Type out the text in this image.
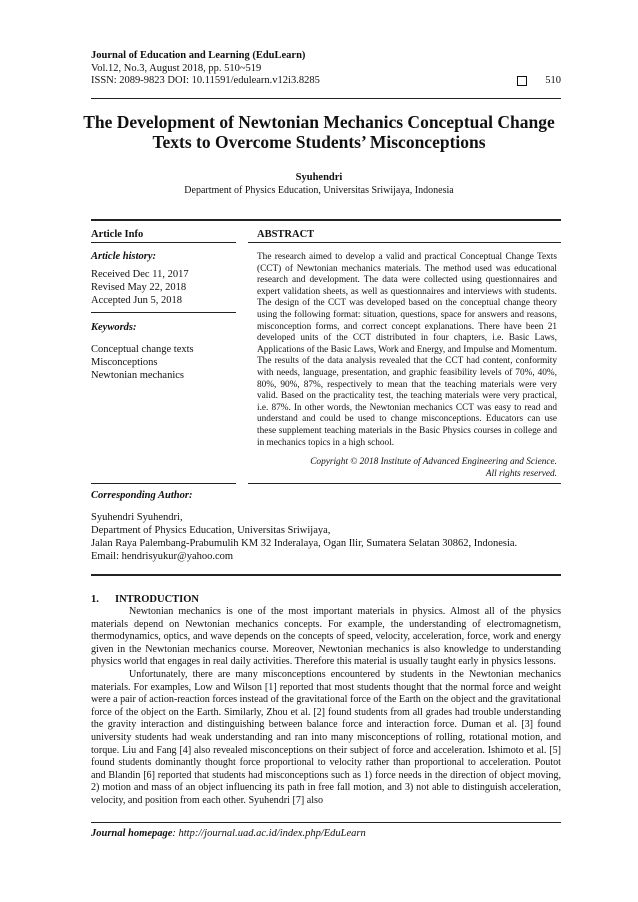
Journal of Education and Learning (EduLearn)
Vol.12, No.3, August 2018, pp. 510~519
ISSN: 2089-9823 DOI: 10.11591/edulearn.v12i3.8285	510
The Development of Newtonian Mechanics Conceptual Change
Texts to Overcome Students’ Misconceptions
Syuhendri
Department of Physics Education, Universitas Sriwijaya, Indonesia
Article Info	ABSTRACT
Article history:
Received Dec 11, 2017
Revised May 22, 2018
Accepted Jun 5, 2018
Keywords:
Conceptual change texts
Misconceptions
Newtonian mechanics
The research aimed to develop a valid and practical Conceptual Change Texts (CCT) of Newtonian mechanics materials. The method used was educational research and development. The data were collected using questionnaires and expert validation sheets, as well as questionnaires and interviews with students. The design of the CCT was developed based on the conceptual change theory using the following format: situation, questions, space for answers and reasons, misconception forms, and correct concept explanations. There have been 21 developed units of the CCT distributed in four chapters, i.e. Basic Laws, Applications of the Basic Laws, Work and Energy, and Impulse and Momentum. The results of the data analysis revealed that the CCT had content, conformity with needs, language, presentation, and graphic feasibility levels of 70%, 40%, 80%, 90%, 87%, respectively to mean that the teaching materials were very valid. Based on the practicality test, the teaching materials were very practical, i.e. 87%. In other words, the Newtonian mechanics CCT was easy to read and understand and could be used to change misconceptions. Educators can use these supplement teaching materials in the Basic Physics courses in college and in mechanics topics in a high school.
Copyright © 2018 Institute of Advanced Engineering and Science.
All rights reserved.
Corresponding Author:
Syuhendri Syuhendri,
Department of Physics Education, Universitas Sriwijaya,
Jalan Raya Palembang-Prabumulih KM 32 Inderalaya, Ogan Ilir, Sumatera Selatan 30862, Indonesia.
Email: hendrisyukur@yahoo.com
1. INTRODUCTION

Newtonian mechanics is one of the most important materials in physics. Almost all of the physics materials depend on Newtonian mechanics concepts. For example, the understanding of electromagnetism, thermodynamics, optics, and wave depends on the concepts of speed, velocity, acceleration, force, work and energy given in the Newtonian mechanics course. Moreover, Newtonian mechanics is also knowledge to understanding physics world that engages in real daily activities. Therefore this material is usually taught early in physics lessons.

Unfortunately, there are many misconceptions encountered by students in the Newtonian mechanics materials. For examples, Low and Wilson [1] reported that most students thought that the normal force and weight were a pair of action-reaction forces instead of the gravitational force of the Earth on the object and the gravitational force of the object on the Earth. Similarly, Zhou et al. [2] found students from all grades had trouble understanding the gravity interaction and distinguishing between balance force and interaction force. Duman et al. [3] found university students had weak understanding and ran into many misconceptions of rolling, rotational motion, and torque. Liu and Fang [4] also revealed misconceptions on their subject of force and acceleration. Ishimoto et al. [5] found students dominantly thought force proportional to velocity rather than proportional to acceleration. Poutot and Blandin [6] reported that students had misconceptions such as 1) force needs in the direction of object moving, 2) motion and mass of an object influencing its path in free fall motion, and 3) not able to distinguish acceleration, velocity, and position from each other. Syuhendri [7] also

Journal homepage: http://journal.uad.ac.id/index.php/EduLearn
